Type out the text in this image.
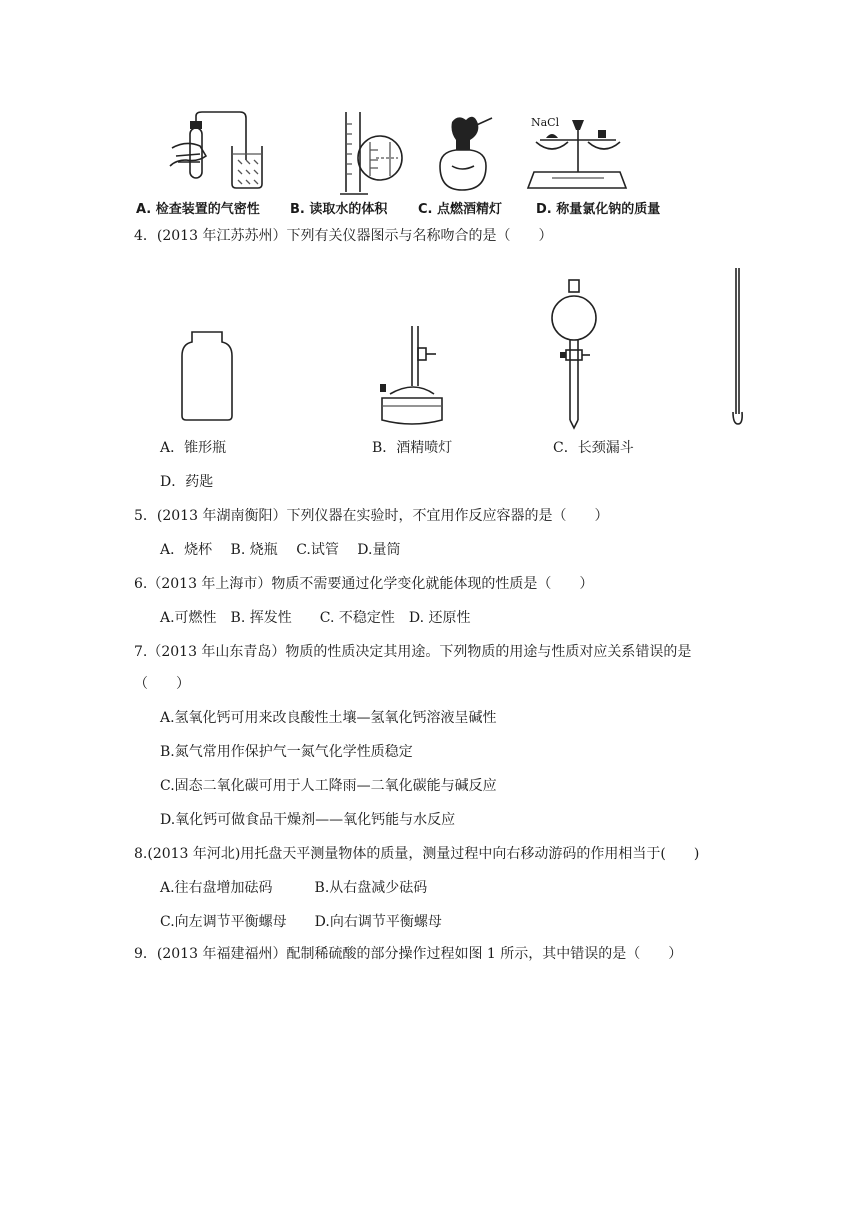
NaCl
A. 检查装置的气密性 B. 读取水的体积 C. 点燃酒精灯	D. 称量氯化钠的质量
4．(2013 年江苏苏州）下列有关仪器图示与名称吻合的是（　　）
A．锥形瓶	B．酒精喷灯	C．长颈漏斗
D．药匙
5．(2013 年湖南衡阳）下列仪器在实验时，不宜用作反应容器的是（　　）
A．烧杯　 B. 烧瓶　 C.试管　 D.量筒
6.（2013 年上海市）物质不需要通过化学变化就能体现的性质是（　　）
A.可燃性　B. 挥发性　　C. 不稳定性　D. 还原性
7.（2013 年山东青岛）物质的性质决定其用途。下列物质的用途与性质对应关系错误的是
（　　）
A.氢氧化钙可用来改良酸性土壤—氢氧化钙溶液呈碱性
B.氮气常用作保护气一氮气化学性质稳定
C.固态二氧化碳可用于人工降雨—二氧化碳能与碱反应
D.氧化钙可做食品干燥剂——氧化钙能与水反应
8.(2013 年河北)用托盘天平测量物体的质量，测量过程中向右移动游码的作用相当于(　　)
A.往右盘增加砝码　　　B.从右盘减少砝码
C.向左调节平衡螺母　　D.向右调节平衡螺母
9．(2013 年福建福州）配制稀硫酸的部分操作过程如图 1 所示，其中错误的是（　　）
